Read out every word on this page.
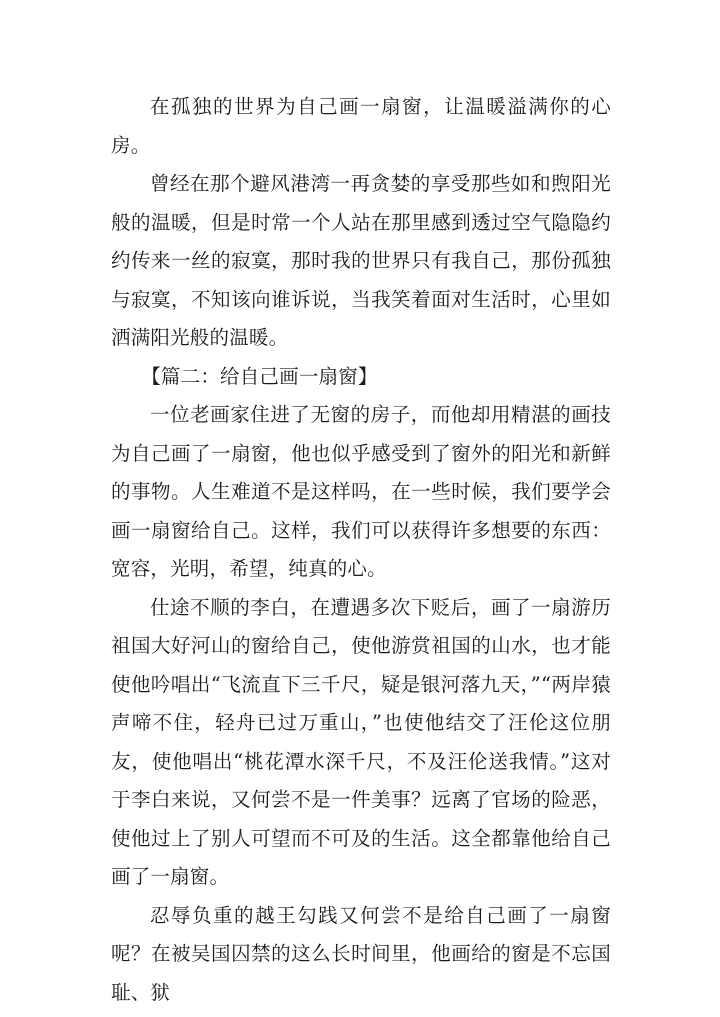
在孤独的世界为自己画一扇窗，让温暖溢满你的心房。

曾经在那个避风港湾一再贪婪的享受那些如和煦阳光般的温暖，但是时常一个人站在那里感到透过空气隐隐约约传来一丝的寂寞，那时我的世界只有我自己，那份孤独与寂寞，不知该向谁诉说，当我笑着面对生活时，心里如洒满阳光般的温暖。

【篇二：给自己画一扇窗】

一位老画家住进了无窗的房子，而他却用精湛的画技为自己画了一扇窗，他也似乎感受到了窗外的阳光和新鲜的事物。人生难道不是这样吗，在一些时候，我们要学会画一扇窗给自己。这样，我们可以获得许多想要的东西：宽容，光明，希望，纯真的心。

仕途不顺的李白，在遭遇多次下贬后，画了一扇游历祖国大好河山的窗给自己，使他游赏祖国的山水，也才能使他吟唱出“飞流直下三千尺，疑是银河落九天，”“两岸猿声啼不住，轻舟已过万重山，”也使他结交了汪伦这位朋友，使他唱出“桃花潭水深千尺，不及汪伦送我情。”这对于李白来说，又何尝不是一件美事？远离了官场的险恶，使他过上了别人可望而不可及的生活。这全都靠他给自己画了一扇窗。

忍辱负重的越王勾践又何尝不是给自己画了一扇窗呢？在被吴国囚禁的这么长时间里，他画给的窗是不忘国耻、狱
